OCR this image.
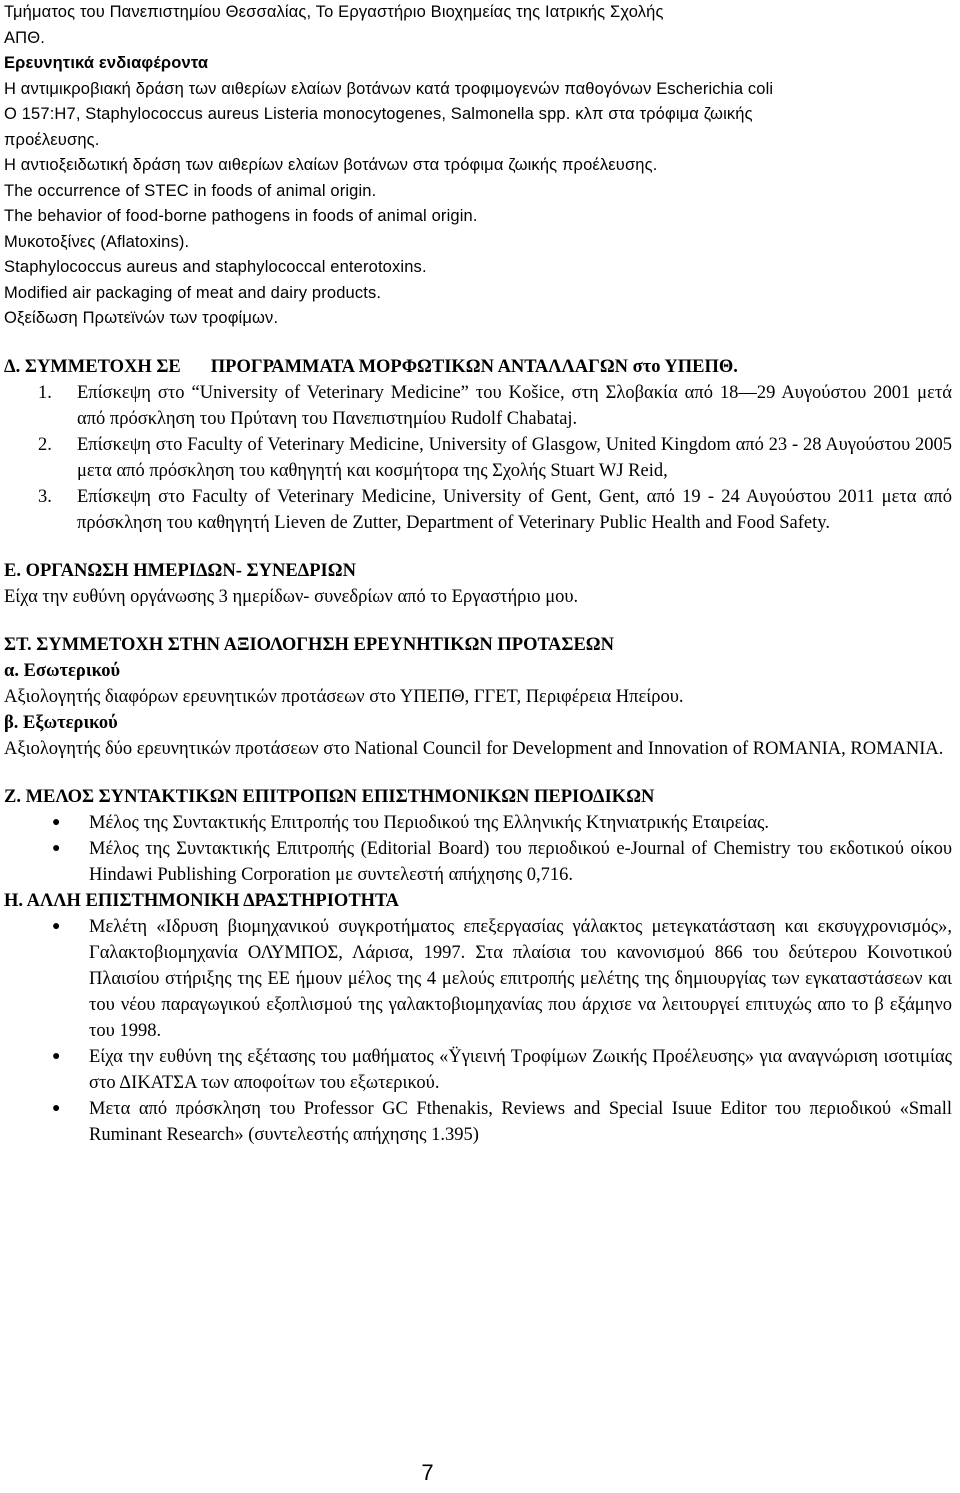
Τμήματος του Πανεπιστημίου Θεσσαλίας, Το Εργαστήριο Βιοχημείας της Ιατρικής Σχολής
ΑΠΘ.
Ερευνητικά ενδιαφέροντα
Η αντιμικροβιακή δράση των αιθερίων ελαίων βοτάνων κατά τροφιμογενών παθογόνων Escherichia coli
O 157:H7, Staphylococcus aureus Listeria monocytogenes, Salmonella spp. κλπ στα τρόφιμα ζωικής
προέλευσης.
Η αντιοξειδωτική δράση των αιθερίων ελαίων βοτάνων στα τρόφιμα ζωικής προέλευσης.
The occurrence of STEC in foods of animal origin.
The behavior of food-borne pathogens in foods of animal origin.
Μυκοτοξίνες (Aflatoxins).
Staphylococcus aureus and staphylococcal enterotoxins.
Modified air packaging of meat and dairy products.
Οξείδωση Πρωτεϊνών των τροφίμων.
Δ. ΣΥΜΜΕΤΟΧΗ ΣΕ ΠΡΟΓΡΑΜΜΑΤΑ ΜΟΡΦΩΤΙΚΩΝ ΑΝΤΑΛΛΑΓΩΝ στο ΥΠΕΠΘ.
1. Επίσκεψη στο “University of Veterinary Medicine” του Košice, στη Σλοβακία από 18—29 Αυγούστου 2001 μετά από πρόσκληση του Πρύτανη του Πανεπιστημίου Rudolf Chabataj.
2. Επίσκεψη στο Faculty of Veterinary Medicine, University of Glasgow, United Kingdom από 23 - 28 Αυγούστου 2005 μετα από πρόσκληση του καθηγητή και κοσμήτορα της Σχολής Stuart WJ Reid,
3. Επίσκεψη στο Faculty of Veterinary Medicine, University of Gent, Gent, από 19 - 24 Αυγούστου 2011 μετα από πρόσκληση του καθηγητή Lieven de Zutter, Department of Veterinary Public Health and Food Safety.
Ε. ΟΡΓΑΝΩΣΗ ΗΜΕΡΙΔΩΝ- ΣΥΝΕΔΡΙΩΝ
Είχα την ευθύνη οργάνωσης 3 ημερίδων- συνεδρίων από το Εργαστήριο μου.
ΣΤ. ΣΥΜΜΕΤΟΧΗ ΣΤΗΝ ΑΞΙΟΛΟΓΗΣΗ ΕΡΕΥΝΗΤΙΚΩΝ ΠΡΟΤΑΣΕΩΝ
α. Εσωτερικού
Αξιολογητής διαφόρων ερευνητικών προτάσεων στο ΥΠΕΠΘ, ΓΓΕΤ, Περιφέρεια Ηπείρου.
β. Εξωτερικού
Αξιολογητής δύο ερευνητικών προτάσεων στο National Council for Development and Innovation of ROMANIA, ROMANIA.
Ζ. ΜΕΛΟΣ ΣΥΝΤΑΚΤΙΚΩΝ ΕΠΙΤΡΟΠΩΝ ΕΠΙΣΤΗΜΟΝΙΚΩΝ ΠΕΡΙΟΔΙΚΩΝ
● Μέλος της Συντακτικής Επιτροπής του Περιοδικού της Ελληνικής Κτηνιατρικής Εταιρείας.
● Μέλος της Συντακτικής Επιτροπής (Editorial Board) του περιοδικού e-Journal of Chemistry του εκδοτικού οίκου Hindawi Publishing Corporation με συντελεστή απήχησης 0,716.
Η. ΑΛΛΗ ΕΠΙΣΤΗΜΟΝΙΚΗ ΔΡΑΣΤΗΡΙΟΤΗΤΑ
● Μελέτη «Ιδρυση βιομηχανικού συγκροτήματος επεξεργασίας γάλακτος μετεγκατάσταση και εκσυγχρονισμός», Γαλακτοβιομηχανία ΟΛΥΜΠΟΣ, Λάρισα, 1997. Στα πλαίσια του κανονισμού 866 του δεύτερου Κοινοτικού Πλαισίου στήριξης της ΕΕ ήμουν μέλος της 4 μελούς επιτροπής μελέτης της δημιουργίας των εγκαταστάσεων και του νέου παραγωγικού εξοπλισμού της γαλακτοβιομηχανίας που άρχισε να λειτουργεί επιτυχώς απο το β εξάμηνο του 1998.
● Είχα την ευθύνη της εξέτασης του μαθήματος «Ϋγιεινή Τροφίμων Ζωικής Προέλευσης» για αναγνώριση ισοτιμίας στο ΔΙΚΑΤΣΑ των αποφοίτων του εξωτερικού.
● Μετα από πρόσκληση του Professor GC Fthenakis, Reviews and Special Isuue Editor του περιοδικού «Small Ruminant Research» (συντελεστής απήχησης 1.395)
7
